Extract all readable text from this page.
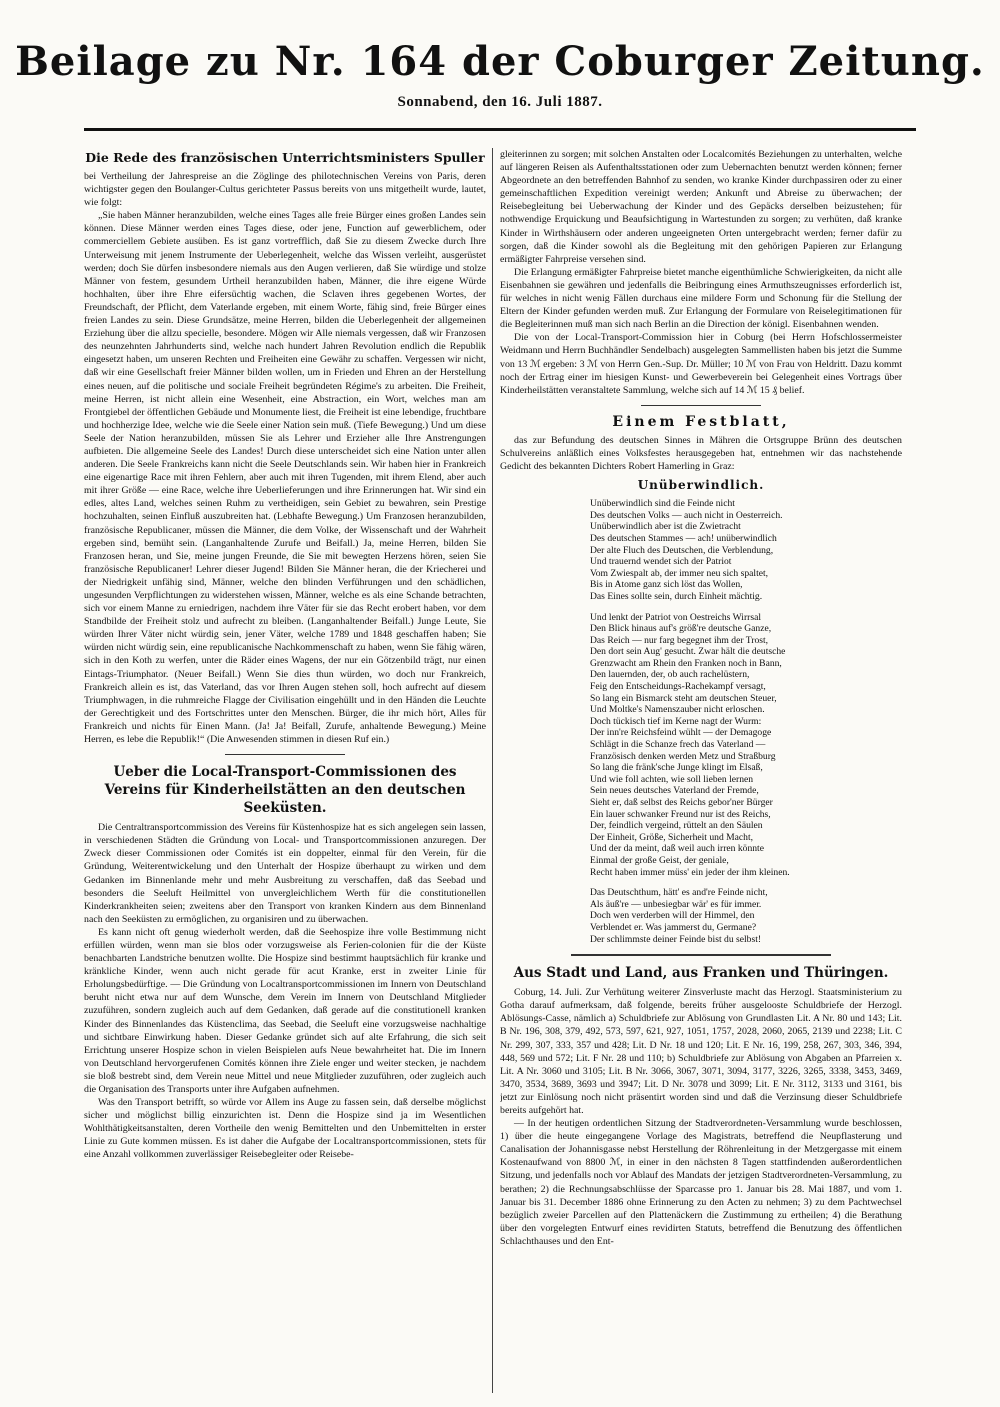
Beilage zu Nr. 164 der Coburger Zeitung.
Sonnabend, den 16. Juli 1887.
Die Rede des französischen Unterrichtsministers Spuller

bei Vertheilung der Jahrespreise an die Zöglinge des philotechnischen Vereins von Paris, deren wichtigster gegen den Boulanger-Cultus gerichteter Passus bereits von uns mitgetheilt wurde, lautet, wie folgt:

„Sie haben Männer heranzubilden, welche eines Tages alle freie Bürger eines großen Landes sein können. Diese Männer werden eines Tages diese, oder jene, Function auf gewerblichem, oder commerciellem Gebiete ausüben. Es ist ganz vortrefflich, daß Sie zu diesem Zwecke durch Ihre Unterweisung mit jenem Instrumente der Ueberlegenheit, welche das Wissen verleiht, ausgerüstet werden; doch Sie dürfen insbesondere niemals aus den Augen verlieren, daß Sie würdige und stolze Männer von festem, gesundem Urtheil heranzubilden haben, Männer, die ihre eigene Würde hochhalten, über ihre Ehre eifersüchtig wachen, die Sclaven ihres gegebenen Wortes, der Freundschaft, der Pflicht, dem Vaterlande ergeben, mit einem Worte, fähig sind, freie Bürger eines freien Landes zu sein. Diese Grundsätze, meine Herren, bilden die Ueberlegenheit der allgemeinen Erziehung über die allzu specielle, besondere. Mögen wir Alle niemals vergessen, daß wir Franzosen des neunzehnten Jahrhunderts sind, welche nach hundert Jahren Revolution endlich die Republik eingesetzt haben, um unseren Rechten und Freiheiten eine Gewähr zu schaffen. Vergessen wir nicht, daß wir eine Gesellschaft freier Männer bilden wollen, um in Frieden und Ehren an der Herstellung eines neuen, auf die politische und sociale Freiheit begründeten Régime's zu arbeiten. Die Freiheit, meine Herren, ist nicht allein eine Wesenheit, eine Abstraction, ein Wort, welches man am Frontgiebel der öffentlichen Gebäude und Monumente liest, die Freiheit ist eine lebendige, fruchtbare und hochherzige Idee, welche wie die Seele einer Nation sein muß. (Tiefe Bewegung.) Und um diese Seele der Nation heranzubilden, müssen Sie als Lehrer und Erzieher alle Ihre Anstrengungen aufbieten. Die allgemeine Seele des Landes! Durch diese unterscheidet sich eine Nation unter allen anderen. Die Seele Frankreichs kann nicht die Seele Deutschlands sein. Wir haben hier in Frankreich eine eigenartige Race mit ihren Fehlern, aber auch mit ihren Tugenden, mit ihrem Elend, aber auch mit ihrer Größe — eine Race, welche ihre Ueberlieferungen und ihre Erinnerungen hat. Wir sind ein edles, altes Land, welches seinen Ruhm zu vertheidigen, sein Gebiet zu bewahren, sein Prestige hochzuhalten, seinen Einfluß auszubreiten hat. (Lebhafte Bewegung.) Um Franzosen heranzubilden, französische Republicaner, müssen die Männer, die dem Volke, der Wissenschaft und der Wahrheit ergeben sind, bemüht sein. (Langanhaltende Zurufe und Beifall.) Ja, meine Herren, bilden Sie Franzosen heran, und Sie, meine jungen Freunde, die Sie mit bewegten Herzens hören, seien Sie französische Republicaner! Lehrer dieser Jugend! Bilden Sie Männer heran, die der Kriecherei und der Niedrigkeit unfähig sind, Männer, welche den blinden Verführungen und den schädlichen, ungesunden Verpflichtungen zu widerstehen wissen, Männer, welche es als eine Schande betrachten, sich vor einem Manne zu erniedrigen, nachdem ihre Väter für sie das Recht erobert haben, vor dem Standbilde der Freiheit stolz und aufrecht zu bleiben. (Langanhaltender Beifall.) Junge Leute, Sie würden Ihrer Väter nicht würdig sein, jener Väter, welche 1789 und 1848 geschaffen haben; Sie würden nicht würdig sein, eine republicanische Nachkommenschaft zu haben, wenn Sie fähig wären, sich in den Koth zu werfen, unter die Räder eines Wagens, der nur ein Götzenbild trägt, nur einen Eintags-Triumphator. (Neuer Beifall.) Wenn Sie dies thun würden, wo doch nur Frankreich, Frankreich allein es ist, das Vaterland, das vor Ihren Augen stehen soll, hoch aufrecht auf diesem Triumphwagen, in die ruhmreiche Flagge der Civilisation eingehüllt und in den Händen die Leuchte der Gerechtigkeit und des Fortschrittes unter den Menschen. Bürger, die ihr mich hört, Alles für Frankreich und nichts für Einen Mann. (Ja! Ja! Beifall, Zurufe, anhaltende Bewegung.) Meine Herren, es lebe die Republik!“ (Die Anwesenden stimmen in diesen Ruf ein.)

Ueber die Local-Transport-Commissionen des Vereins für Kinderheilstätten an den deutschen Seeküsten.

Die Centraltransportcommission des Vereins für Küstenhospize hat es sich angelegen sein lassen, in verschiedenen Städten die Gründung von Local- und Transportcommissionen anzuregen. Der Zweck dieser Commissionen oder Comités ist ein doppelter, einmal für den Verein, für die Gründung, Weiterentwickelung und den Unterhalt der Hospize überhaupt zu wirken und dem Gedanken im Binnenlande mehr und mehr Ausbreitung zu verschaffen, daß das Seebad und besonders die Seeluft Heilmittel von unvergleichlichem Werth für die constitutionellen Kinderkrankheiten seien; zweitens aber den Transport von kranken Kindern aus dem Binnenland nach den Seeküsten zu ermöglichen, zu organisiren und zu überwachen.

Es kann nicht oft genug wiederholt werden, daß die Seehospize ihre volle Bestimmung nicht erfüllen würden, wenn man sie blos oder vorzugsweise als Ferien-colonien für die der Küste benachbarten Landstriche benutzen wollte. Die Hospize sind bestimmt hauptsächlich für kranke und kränkliche Kinder, wenn auch nicht gerade für acut Kranke, erst in zweiter Linie für Erholungsbedürftige. — Die Gründung von Localtransportcommissionen im Innern von Deutschland beruht nicht etwa nur auf dem Wunsche, dem Verein im Innern von Deutschland Mitglieder zuzuführen, sondern zugleich auch auf dem Gedanken, daß gerade auf die constitutionell kranken Kinder des Binnenlandes das Küstenclima, das Seebad, die Seeluft eine vorzugsweise nachhaltige und sichtbare Einwirkung haben. Dieser Gedanke gründet sich auf alte Erfahrung, die sich seit Errichtung unserer Hospize schon in vielen Beispielen aufs Neue bewahrheitet hat. Die im Innern von Deutschland hervorgerufenen Comités können ihre Ziele enger und weiter stecken, je nachdem sie bloß bestrebt sind, dem Verein neue Mittel und neue Mitglieder zuzuführen, oder zugleich auch die Organisation des Transports unter ihre Aufgaben aufnehmen.

Was den Transport betrifft, so würde vor Allem ins Auge zu fassen sein, daß derselbe möglichst sicher und möglichst billig einzurichten ist. Denn die Hospize sind ja im Wesentlichen Wohlthätigkeitsanstalten, deren Vortheile den wenig Bemittelten und den Unbemittelten in erster Linie zu Gute kommen müssen. Es ist daher die Aufgabe der Localtransportcommissionen, stets für eine Anzahl vollkommen zuverlässiger Reisebegleiter oder Reisebe-

gleiterinnen zu sorgen; mit solchen Anstalten oder Localcomités Beziehungen zu unterhalten, welche auf längeren Reisen als Aufenthaltsstationen oder zum Uebernachten benutzt werden können; ferner Abgeordnete an den betreffenden Bahnhof zu senden, wo kranke Kinder durchpassiren oder zu einer gemeinschaftlichen Expedition vereinigt werden; Ankunft und Abreise zu überwachen; der Reisebegleitung bei Ueberwachung der Kinder und des Gepäcks derselben beizustehen; für nothwendige Erquickung und Beaufsichtigung in Wartestunden zu sorgen; zu verhüten, daß kranke Kinder in Wirthshäusern oder anderen ungeeigneten Orten untergebracht werden; ferner dafür zu sorgen, daß die Kinder sowohl als die Begleitung mit den gehörigen Papieren zur Erlangung ermäßigter Fahrpreise versehen sind.

Die Erlangung ermäßigter Fahrpreise bietet manche eigenthümliche Schwierigkeiten, da nicht alle Eisenbahnen sie gewähren und jedenfalls die Beibringung eines Armuthszeugnisses erforderlich ist, für welches in nicht wenig Fällen durchaus eine mildere Form und Schonung für die Stellung der Eltern der Kinder gefunden werden muß. Zur Erlangung der Formulare von Reiselegitimationen für die Begleiterinnen muß man sich nach Berlin an die Direction der königl. Eisenbahnen wenden.

Die von der Local-Transport-Commission hier in Coburg (bei Herrn Hofschlossermeister Weidmann und Herrn Buchhändler Sendelbach) ausgelegten Sammellisten haben bis jetzt die Summe von 13 ℳ ergeben: 3 ℳ von Herrn Gen.-Sup. Dr. Müller; 10 ℳ von Frau von Heldritt. Dazu kommt noch der Ertrag einer im hiesigen Kunst- und Gewerbeverein bei Gelegenheit eines Vortrags über Kinderheilstätten veranstaltete Sammlung, welche sich auf 14 ℳ 15 ₰ belief.

Einem Festblatt,

das zur Befundung des deutschen Sinnes in Mähren die Ortsgruppe Brünn des deutschen Schulvereins anläßlich eines Volksfestes herausgegeben hat, entnehmen wir das nachstehende Gedicht des bekannten Dichters Robert Hamerling in Graz:

Unüberwindlich.
Unüberwindlich sind die Feinde nicht
Des deutschen Volks — auch nicht in Oesterreich.
Unüberwindlich aber ist die Zwietracht
Des deutschen Stammes — ach! unüberwindlich
Der alte Fluch des Deutschen, die Verblendung,
Und trauernd wendet sich der Patriot
Vom Zwiespalt ab, der immer neu sich spaltet,
Bis in Atome ganz sich löst das Wollen,
Das Eines sollte sein, durch Einheit mächtig.
Und lenkt der Patriot von Oestreichs Wirrsal
Den Blick hinaus auf's größ're deutsche Ganze,
Das Reich — nur farg begegnet ihm der Trost,
Den dort sein Aug' gesucht. Zwar hält die deutsche
Grenzwacht am Rhein den Franken noch in Bann,
Den lauernden, der, ob auch rachelüstern,
Feig den Entscheidungs-Rachekampf versagt,
So lang ein Bismarck steht am deutschen Steuer,
Und Moltke's Namenszauber nicht erloschen.
Doch tückisch tief im Kerne nagt der Wurm:
Der inn're Reichsfeind wühlt — der Demagoge
Schlägt in die Schanze frech das Vaterland —
Französisch denken werden Metz und Straßburg
So lang die fränk'sche Junge klingt im Elsaß,
Und wie foll achten, wie soll lieben lernen
Sein neues deutsches Vaterland der Fremde,
Sieht er, daß selbst des Reichs gebor'ner Bürger
Ein lauer schwanker Freund nur ist des Reichs,
Der, feindlich vergeind, rüttelt an den Säulen
Der Einheit, Größe, Sicherheit und Macht,
Und der da meint, daß weil auch irren könnte
Einmal der große Geist, der geniale,
Recht haben immer müss' ein jeder der ihm kleinen.
Das Deutschthum, hätt' es and're Feinde nicht,
Als äuß're — unbesiegbar wär' es für immer.
Doch wen verderben will der Himmel, den
Verblendet er. Was jammerst du, Germane?
Der schlimmste deiner Feinde bist du selbst!
Aus Stadt und Land, aus Franken und Thüringen.

Coburg, 14. Juli. Zur Verhütung weiterer Zinsverluste macht das Herzogl. Staatsministerium zu Gotha darauf aufmerksam, daß folgende, bereits früher ausgelooste Schuldbriefe der Herzogl. Ablösungs-Casse, nämlich a) Schuldbriefe zur Ablösung von Grundlasten Lit. A Nr. 80 und 143; Lit. B Nr. 196, 308, 379, 492, 573, 597, 621, 927, 1051, 1757, 2028, 2060, 2065, 2139 und 2238; Lit. C Nr. 299, 307, 333, 357 und 428; Lit. D Nr. 18 und 120; Lit. E Nr. 16, 199, 258, 267, 303, 346, 394, 448, 569 und 572; Lit. F Nr. 28 und 110; b) Schuldbriefe zur Ablösung von Abgaben an Pfarreien x. Lit. A Nr. 3060 und 3105; Lit. B Nr. 3066, 3067, 3071, 3094, 3177, 3226, 3265, 3338, 3453, 3469, 3470, 3534, 3689, 3693 und 3947; Lit. D Nr. 3078 und 3099; Lit. E Nr. 3112, 3133 und 3161, bis jetzt zur Einlösung noch nicht präsentirt worden sind und daß die Verzinsung dieser Schuldbriefe bereits aufgehört hat.

— In der heutigen ordentlichen Sitzung der Stadtverordneten-Versammlung wurde beschlossen, 1) über die heute eingegangene Vorlage des Magistrats, betreffend die Neupflasterung und Canalisation der Johannisgasse nebst Herstellung der Röhrenleitung in der Metzgergasse mit einem Kostenaufwand von 8800 ℳ, in einer in den nächsten 8 Tagen stattfindenden außerordentlichen Sitzung, und jedenfalls noch vor Ablauf des Mandats der jetzigen Stadtverordneten-Versammlung, zu berathen; 2) die Rechnungsabschlüsse der Sparcasse pro 1. Januar bis 28. Mai 1887, und vom 1. Januar bis 31. December 1886 ohne Erinnerung zu den Acten zu nehmen; 3) zu dem Pachtwechsel bezüglich zweier Parcellen auf den Plattenäckern die Zustimmung zu ertheilen; 4) die Berathung über den vorgelegten Entwurf eines revidirten Statuts, betreffend die Benutzung des öffentlichen Schlachthauses und den Ent-
